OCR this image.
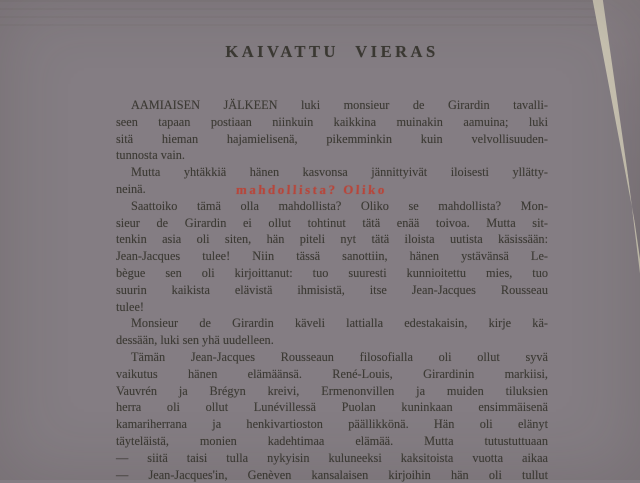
KAIVATTU VIERAS
AAMIAISEN JÄLKEEN luki monsieur de Girardin tavalli-
seen tapaan postiaan niinkuin kaikkina muinakin aamuina; luki
sitä hieman hajamielisenä, pikemminkin kuin velvollisuuden-
tunnosta vain.
Mutta yhtäkkiä hänen kasvonsa jännittyivät iloisesti yllätty-
neinä.
Saattoiko tämä olla mahdollista? Oliko se mahdollista? Mon-
sieur de Girardin ei ollut tohtinut tätä enää toivoa. Mutta sit-
tenkin asia oli siten, hän piteli nyt tätä iloista uutista käsissään:
Jean-Jacques tulee! Niin tässä sanottiin, hänen ystävänsä Le-
bègue sen oli kirjoittanut: tuo suuresti kunnioitettu mies, tuo
suurin kaikista elävistä ihmisistä, itse Jean-Jacques Rousseau
tulee!
Monsieur de Girardin käveli lattialla edestakaisin, kirje kä-
dessään, luki sen yhä uudelleen.
Tämän Jean-Jacques Rousseaun filosofialla oli ollut syvä
vaikutus hänen elämäänsä. René-Louis, Girardinin markiisi,
Vauvrén ja Brégyn kreivi, Ermenonvillen ja muiden tiluksien
herra oli ollut Lunévillessä Puolan kuninkaan ensimmäisenä
kamariherrana ja henkivartioston päällikkönä. Hän oli elänyt
täyteläistä, monien kadehtimaa elämää. Mutta tutustuttuaan
— siitä taisi tulla nykyisin kuluneeksi kaksitoista vuotta aikaa
— Jean-Jacques'in, Genèven kansalaisen kirjoihin hän oli tullut
mahdollista? Oliko
